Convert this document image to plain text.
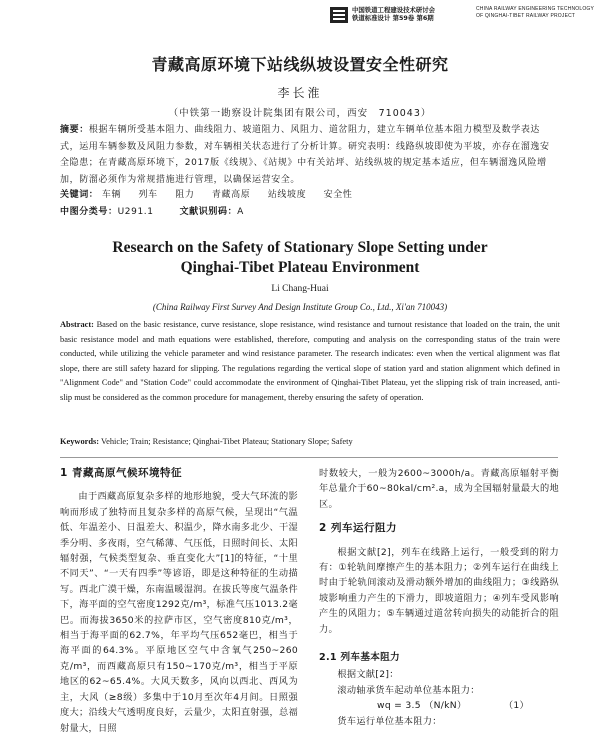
中国铁道工程建设技术研讨会
铁道标准设计 第59卷 第6期
CHINA RAILWAY ENGINEERING TECHNOLOGY
OF QINGHAI-TIBET RAILWAY PROJECT
青藏高原环境下站线纵坡设置安全性研究
李长淮
（中铁第一勘察设计院集团有限公司，西安　710043）
摘要：根据车辆所受基本阻力、曲线阻力、坡道阻力、风阻力、道岔阻力，建立车辆单位基本阻力模型及数学表达式，运用车辆参数及风阻力参数，对车辆相关状态进行了分析计算。研究表明：线路纵坡即使为平坡，亦存在溜逸安全隐患；在青藏高原环境下，2017版《线规》、《站规》中有关站坪、站线纵坡的规定基本适应，但车辆溜逸风险增加，防溜必须作为常规措施进行管理，以确保运营安全。
关键词： 车辆 列车 阻力 青藏高原 站线坡度 安全性
中图分类号：U291.1	文献识别码：A
Research on the Safety of Stationary Slope Setting under
Qinghai-Tibet Plateau Environment
Li Chang-Huai
(China Railway First Survey And Design Institute Group Co., Ltd., Xi'an 710043)
Abstract: Based on the basic resistance, curve resistance, slope resistance, wind resistance and turnout resistance that loaded on the train, the unit basic resistance model and math equations were established, therefore, computing and analysis on the corresponding status of the train were conducted, while utilizing the vehicle parameter and wind resistance parameter. The research indicates: even when the vertical alignment was flat slope, there are still safety hazard for slipping. The regulations regarding the vertical slope of station yard and station alignment which defined in "Alignment Code" and "Station Code" could accommodate the environment of Qinghai-Tibet Plateau, yet the slipping risk of train increased, anti-slip must be considered as the common procedure for management, thereby ensuring the safety of operation.
Keywords: Vehicle; Train; Resistance; Qinghai-Tibet Plateau; Stationary Slope; Safety
1 青藏高原气候环境特征

由于西藏高原复杂多样的地形地貌，受大气环流的影响而形成了独特而且复杂多样的高原气候，呈现出“气温低、年温差小、日温差大、积温少，降水南多北少、干湿季分明、多夜雨，空气稀薄、气压低，日照时间长、太阳辐射强，气候类型复杂、垂直变化大”[1]的特征，“十里不同天”、“一天有四季”等谚语，即是这种特征的生动描写。西北广漠干燥，东南温暖湿润。在拔氏等度气温条件下，海平面的空气密度1292克/m³，标准气压1013.2毫巴。而海拔3650米的拉萨市区，空气密度810克/m³，相当于海平面的62.7%，年平均气压652毫巴，相当于海平面的64.3%。平原地区空气中含氧气250~260克/m³，而西藏高原只有150~170克/m³，相当于平原地区的62~65.4%。大风天数多，风向以西北、西风为主，大风（≥8级）多集中于10月至次年4月间。日照强度大；沿线大气透明度良好，云量少，太阳直射强，总福射量大，日照

时数较大，一般为2600~3000h/a。青藏高原辐射平衡年总量介于60~80kal/cm².a，成为全国辐射量最大的地区。

2 列车运行阻力

根据文献[2]，列车在线路上运行，一般受到的附力有：①轮轨间摩擦产生的基本阻力；②列车运行在曲线上时由于轮轨间滚动及滑动额外增加的曲线阻力；③线路纵坡影响重力产生的下滑力，即坡道阻力；④列车受风影响产生的风阻力；⑤车辆通过道岔转向损失的动能折合的阻力。

2.1 列车基本阻力

根据文献[2]：

滚动轴承货车起动单位基本阻力：

wq = 3.5 （N/kN）	（1）

货车运行单位基本阻力：
